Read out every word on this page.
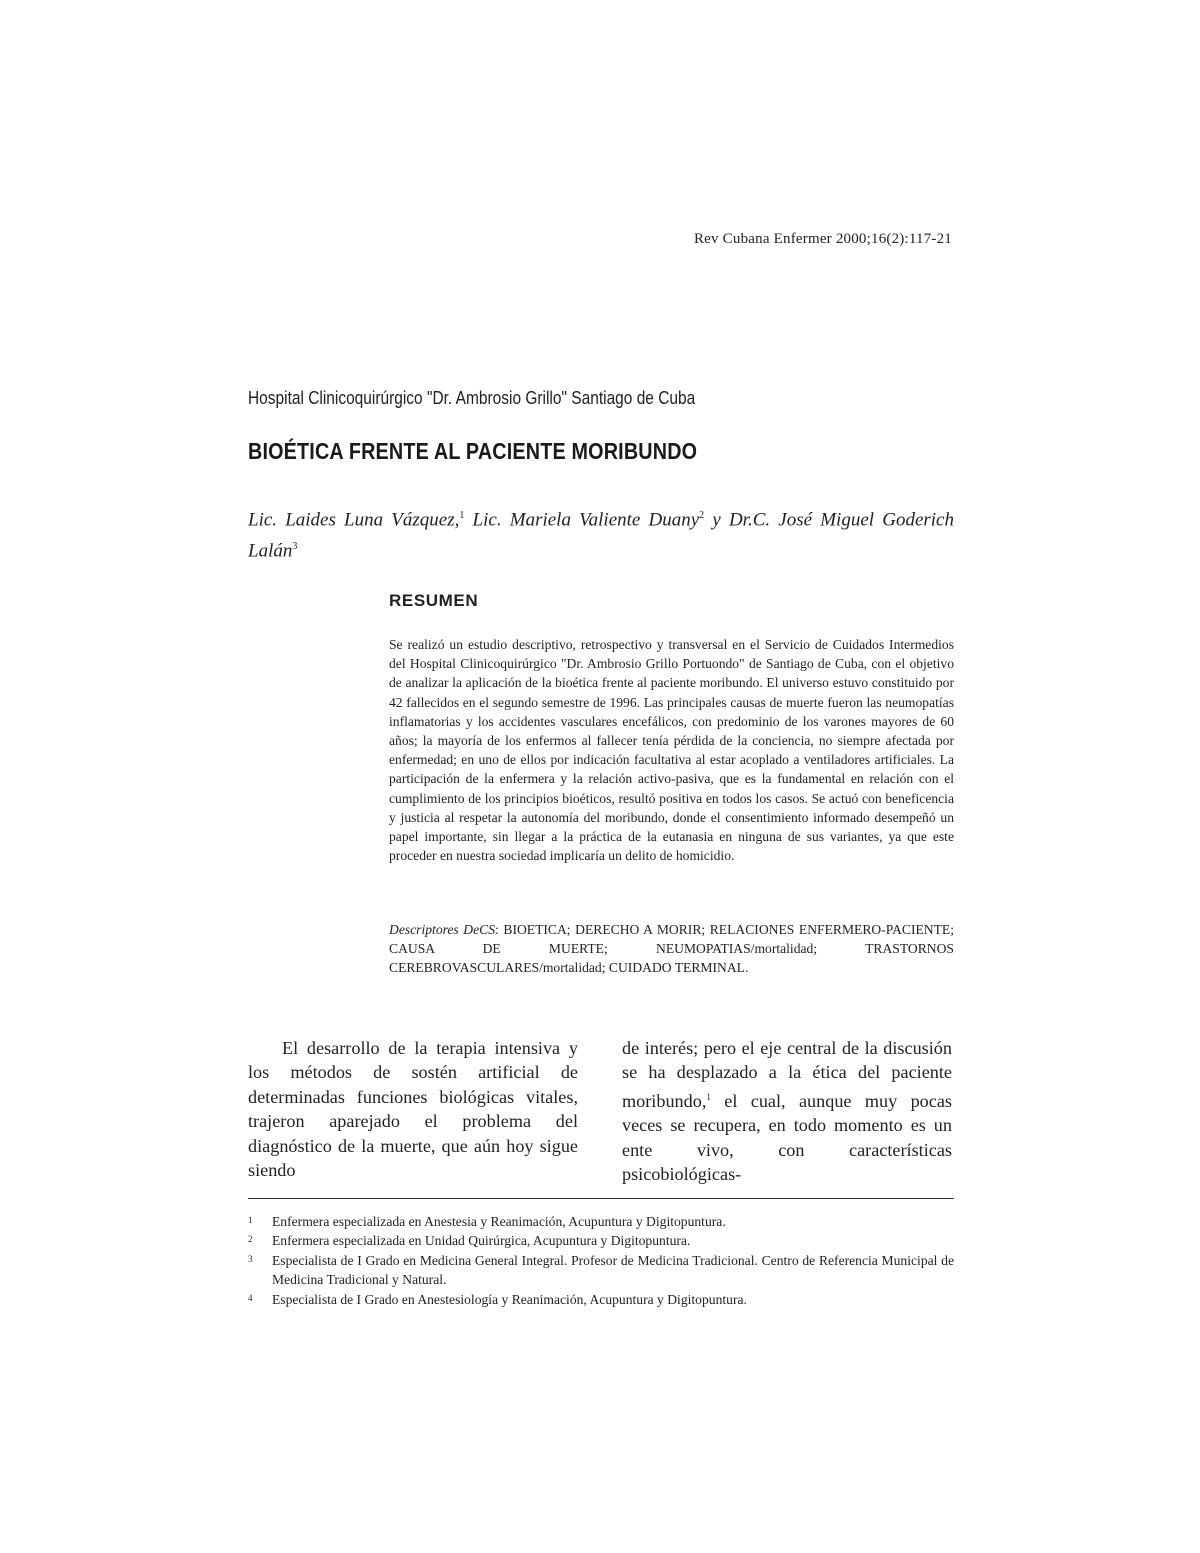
Rev Cubana Enfermer 2000;16(2):117-21
Hospital Clinicoquirúrgico "Dr. Ambrosio Grillo" Santiago de Cuba
BIOÉTICA FRENTE AL PACIENTE MORIBUNDO
Lic. Laides Luna Vázquez,$^1$ Lic. Mariela Valiente Duany$^2$ y Dr.C. José Miguel Goderich Lalán$^3$
RESUMEN
Se realizó un estudio descriptivo, retrospectivo y transversal en el Servicio de Cuidados Intermedios del Hospital Clinicoquirúrgico "Dr. Ambrosio Grillo Portuondo" de Santiago de Cuba, con el objetivo de analizar la aplicación de la bioética frente al paciente moribundo. El universo estuvo constituido por 42 fallecidos en el segundo semestre de 1996. Las principales causas de muerte fueron las neumopatías inflamatorias y los accidentes vasculares encefálicos, con predominio de los varones mayores de 60 años; la mayoría de los enfermos al fallecer tenía pérdida de la conciencia, no siempre afectada por enfermedad; en uno de ellos por indicación facultativa al estar acoplado a ventiladores artificiales. La participación de la enfermera y la relación activo-pasiva, que es la fundamental en relación con el cumplimiento de los principios bioéticos, resultó positiva en todos los casos. Se actuó con beneficencia y justicia al respetar la autonomía del moribundo, donde el consentimiento informado desempeñó un papel importante, sin llegar a la práctica de la eutanasia en ninguna de sus variantes, ya que este proceder en nuestra sociedad implicaría un delito de homicidio.
Descriptores DeCS: BIOETICA; DERECHO A MORIR; RELACIONES ENFERMERO-PACIENTE; CAUSA DE MUERTE; NEUMOPATIAS/mortalidad; TRASTORNOS CEREBROVASCULARES/mortalidad; CUIDADO TERMINAL.
El desarrollo de la terapia intensiva y los métodos de sostén artificial de determinadas funciones biológicas vitales, trajeron aparejado el problema del diagnóstico de la muerte, que aún hoy sigue siendo
de interés; pero el eje central de la discusión se ha desplazado a la ética del paciente moribundo,$^1$ el cual, aunque muy pocas veces se recupera, en todo momento es un ente vivo, con características psicobiológicas-
1	Enfermera especializada en Anestesia y Reanimación, Acupuntura y Digitopuntura.
2	Enfermera especializada en Unidad Quirúrgica, Acupuntura y Digitopuntura.
3	Especialista de I Grado en Medicina General Integral. Profesor de Medicina Tradicional. Centro de Referencia Municipal de Medicina Tradicional y Natural.
4	Especialista de I Grado en Anestesiología y Reanimación, Acupuntura y Digitopuntura.
